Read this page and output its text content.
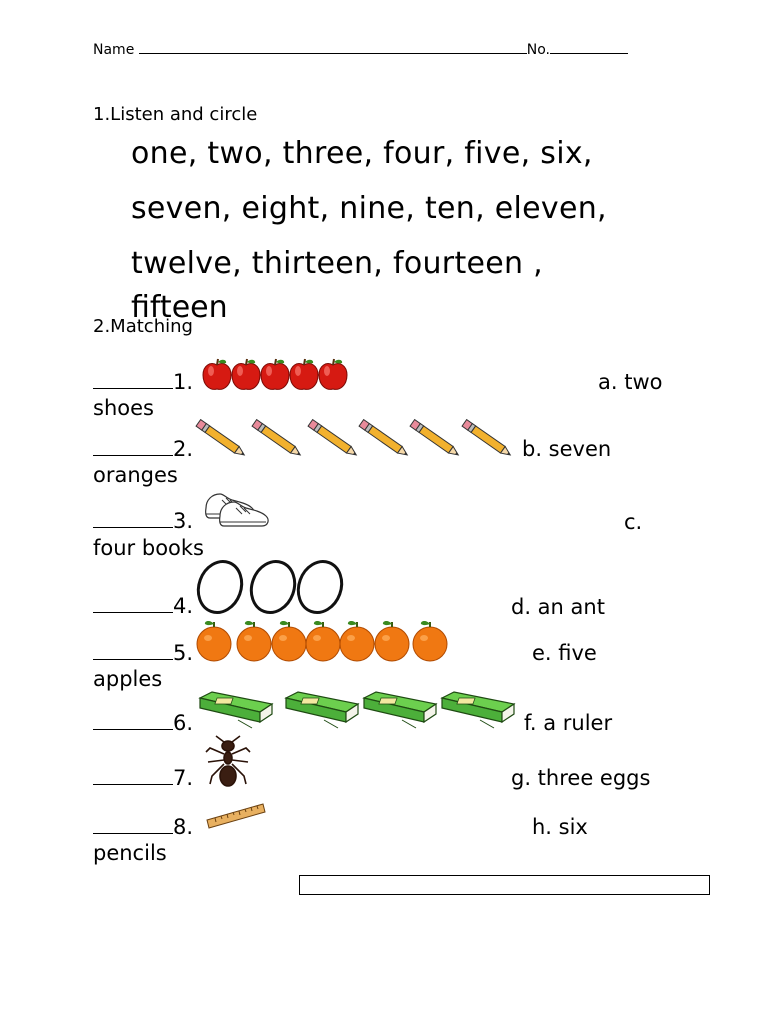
Name	No.
1.Listen and circle
one, two, three, four, five, six,
seven, eight, nine, ten, eleven,
twelve, thirteen, fourteen ,
fifteen
2.Matching
1.
2.
3.
4.
5.
6.
7.
8.
a. two
shoes
b. seven
oranges
c.
four books
d. an ant
e. five
apples
f. a ruler
g. three eggs
h. six
pencils
